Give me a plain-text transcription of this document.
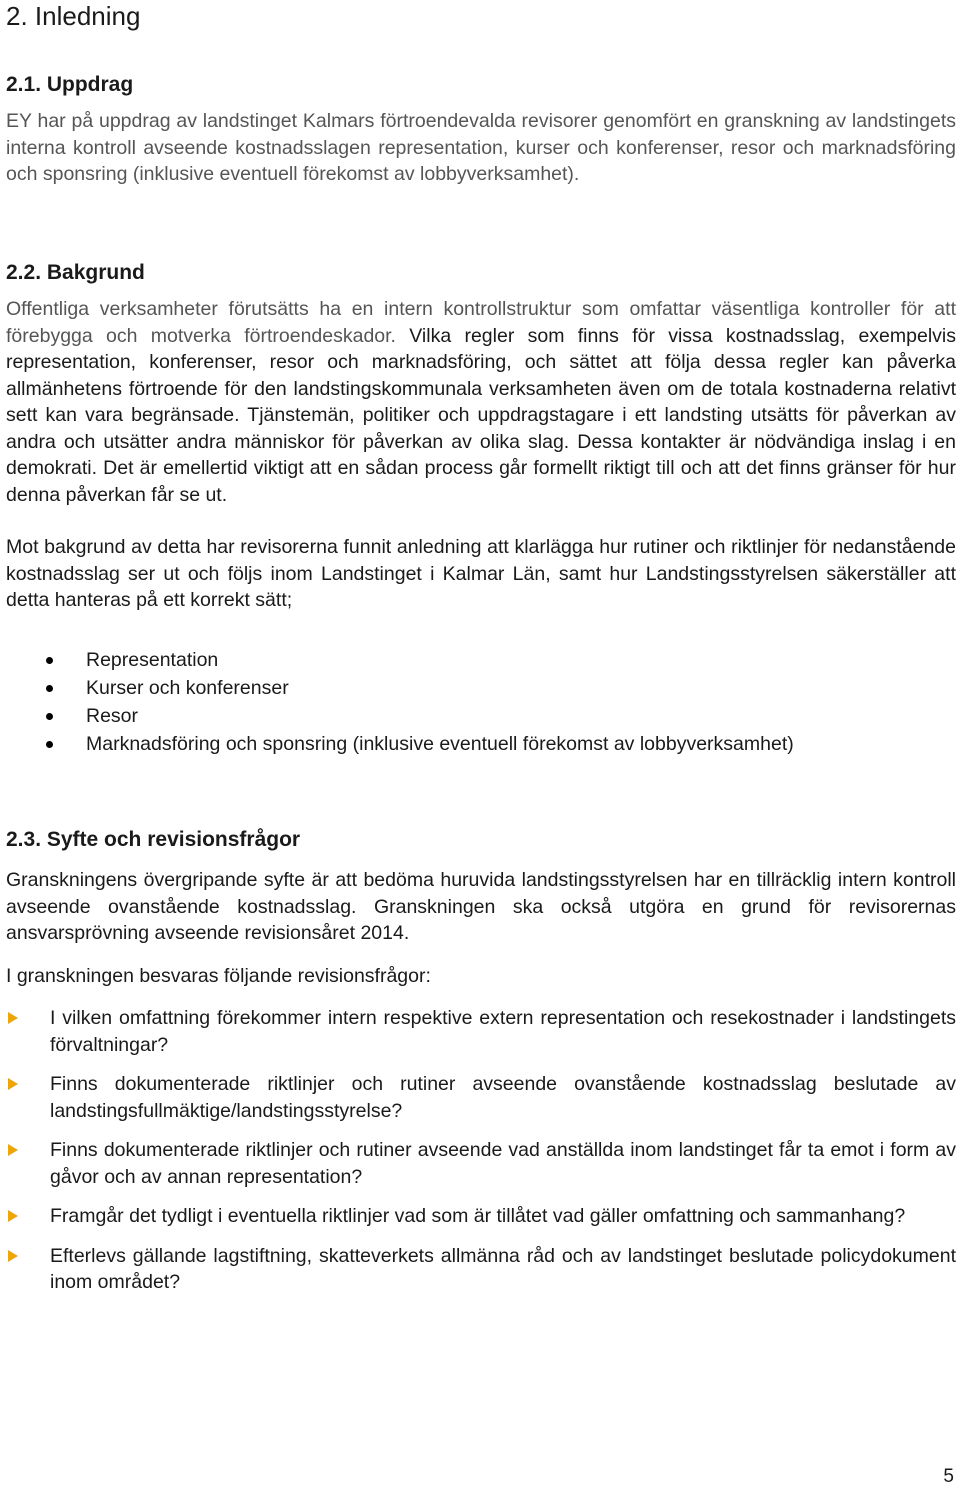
2. Inledning
2.1. Uppdrag

EY har på uppdrag av landstinget Kalmars förtroendevalda revisorer genomfört en granskning av landstingets interna kontroll avseende kostnadsslagen representation, kurser och konferenser, resor och marknadsföring och sponsring (inklusive eventuell förekomst av lobbyverksamhet).

2.2. Bakgrund

Offentliga verksamheter förutsätts ha en intern kontrollstruktur som omfattar väsentliga kontroller för att förebygga och motverka förtroendeskador. Vilka regler som finns för vissa kostnadsslag, exempelvis representation, konferenser, resor och marknadsföring, och sättet att följa dessa regler kan påverka allmänhetens förtroende för den landstingskommunala verksamheten även om de totala kostnaderna relativt sett kan vara begränsade. Tjänstemän, politiker och uppdragstagare i ett landsting utsätts för påverkan av andra och utsätter andra människor för påverkan av olika slag. Dessa kontakter är nödvändiga inslag i en demokrati. Det är emellertid viktigt att en sådan process går formellt riktigt till och att det finns gränser för hur denna påverkan får se ut.

Mot bakgrund av detta har revisorerna funnit anledning att klarlägga hur rutiner och riktlinjer för nedanstående kostnadsslag ser ut och följs inom Landstinget i Kalmar Län, samt hur Landstingsstyrelsen säkerställer att detta hanteras på ett korrekt sätt;

Representation
Kurser och konferenser
Resor
Marknadsföring och sponsring (inklusive eventuell förekomst av lobbyverksamhet)
2.3. Syfte och revisionsfrågor

Granskningens övergripande syfte är att bedöma huruvida landstingsstyrelsen har en tillräcklig intern kontroll avseende ovanstående kostnadsslag. Granskningen ska också utgöra en grund för revisorernas ansvarsprövning avseende revisionsåret 2014.

I granskningen besvaras följande revisionsfrågor:

I vilken omfattning förekommer intern respektive extern representation och resekostnader i landstingets förvaltningar?
Finns dokumenterade riktlinjer och rutiner avseende ovanstående kostnadsslag beslutade av landstingsfullmäktige/landstingsstyrelse?
Finns dokumenterade riktlinjer och rutiner avseende vad anställda inom landstinget får ta emot i form av gåvor och av annan representation?
Framgår det tydligt i eventuella riktlinjer vad som är tillåtet vad gäller omfattning och sammanhang?
Efterlevs gällande lagstiftning, skatteverkets allmänna råd och av landstinget beslutade policydokument inom området?
5
